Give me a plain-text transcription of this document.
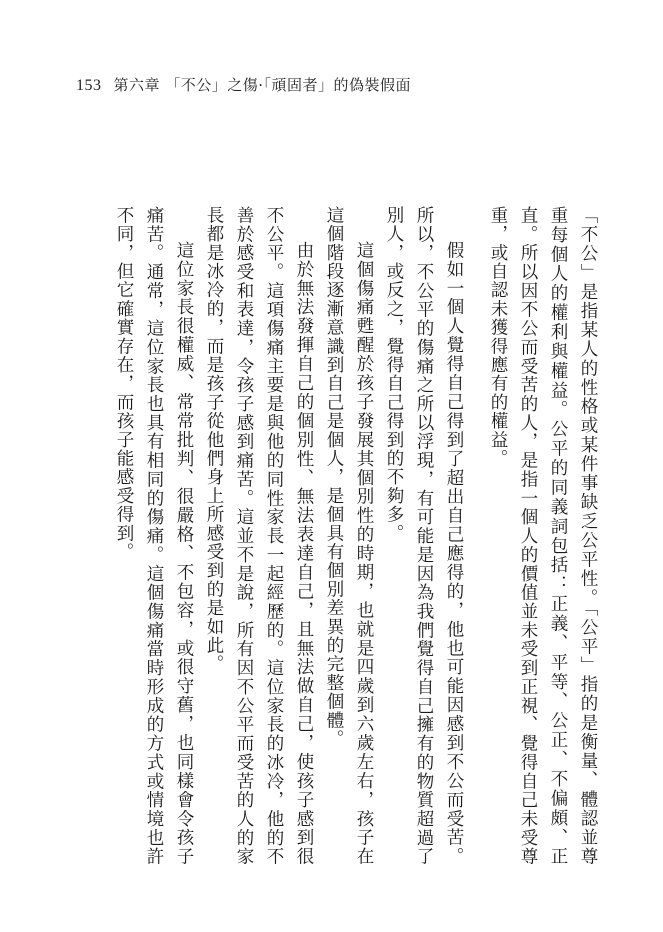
153 第六章 「不公」之傷·「頑固者」的偽裝假面

「不公」是指某人的性格或某件事缺乏公平性。「公平」指的是衡量、體認並尊重每個人的權利與權益。公平的同義詞包括：正義、平等、公正、不偏頗、正直。所以因不公而受苦的人，是指一個人的價值並未受到正視、覺得自己未受尊重，或自認未獲得應有的權益。

假如一個人覺得自己得到了超出自己應得的，他也可能因感到不公而受苦。所以，不公平的傷痛之所以浮現，有可能是因為我們覺得自己擁有的物質超過了別人，或反之，覺得自己得到的不夠多。

這個傷痛甦醒於孩子發展其個別性的時期，也就是四歲到六歲左右，孩子在這個階段逐漸意識到自己是個人，是個具有個別差異的完整個體。

由於無法發揮自己的個別性、無法表達自己，且無法做自己，使孩子感到很不公平。這項傷痛主要是與他的同性家長一起經歷的。這位家長的冰冷，他的不善於感受和表達，令孩子感到痛苦。這並不是說，所有因不公平而受苦的人的家長都是冰冷的，而是孩子從他們身上所感受到的是如此。

這位家長很權威、常常批判、很嚴格、不包容，或很守舊，也同樣會令孩子痛苦。通常，這位家長也具有相同的傷痛。這個傷痛當時形成的方式或情境也許不同，但它確實存在，而孩子能感受得到。
